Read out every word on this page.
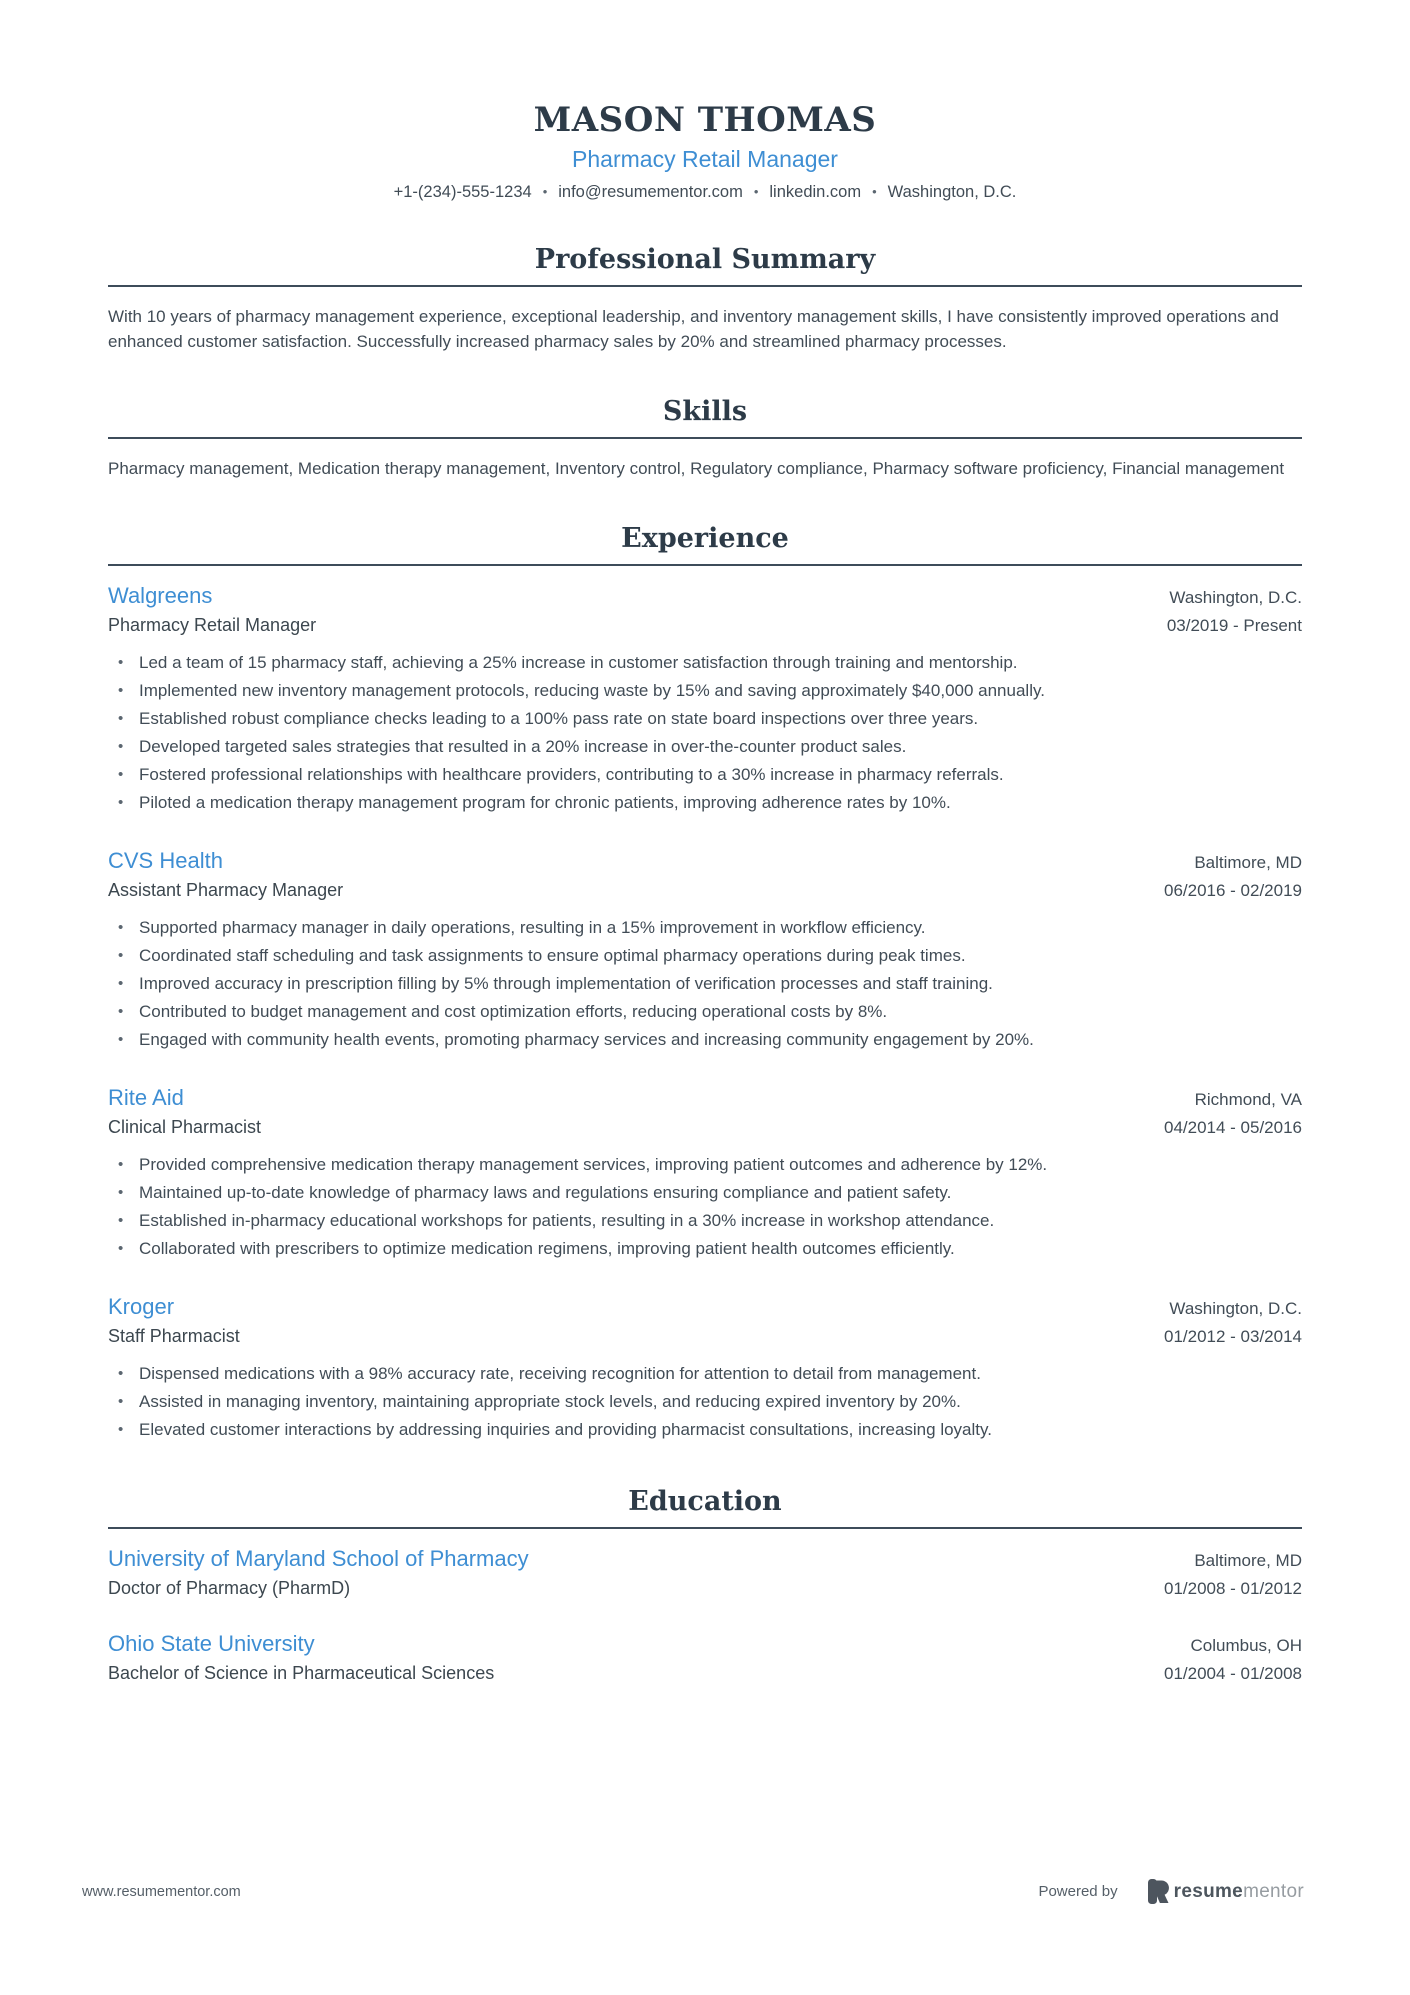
MASON THOMAS
Pharmacy Retail Manager
+1-(234)-555-1234 • info@resumementor.com • linkedin.com • Washington, D.C.
Professional Summary

With 10 years of pharmacy management experience, exceptional leadership, and inventory management skills, I have consistently improved operations and enhanced customer satisfaction. Successfully increased pharmacy sales by 20% and streamlined pharmacy processes.

Skills

Pharmacy management, Medication therapy management, Inventory control, Regulatory compliance, Pharmacy software proficiency, Financial management

Experience
Walgreens	Washington, D.C.
Pharmacy Retail Manager	03/2019 - Present
• Led a team of 15 pharmacy staff, achieving a 25% increase in customer satisfaction through training and mentorship.
• Implemented new inventory management protocols, reducing waste by 15% and saving approximately $40,000 annually.
• Established robust compliance checks leading to a 100% pass rate on state board inspections over three years.
• Developed targeted sales strategies that resulted in a 20% increase in over-the-counter product sales.
• Fostered professional relationships with healthcare providers, contributing to a 30% increase in pharmacy referrals.
• Piloted a medication therapy management program for chronic patients, improving adherence rates by 10%.
CVS Health	Baltimore, MD
Assistant Pharmacy Manager	06/2016 - 02/2019
• Supported pharmacy manager in daily operations, resulting in a 15% improvement in workflow efficiency.
• Coordinated staff scheduling and task assignments to ensure optimal pharmacy operations during peak times.
• Improved accuracy in prescription filling by 5% through implementation of verification processes and staff training.
• Contributed to budget management and cost optimization efforts, reducing operational costs by 8%.
• Engaged with community health events, promoting pharmacy services and increasing community engagement by 20%.
Rite Aid	Richmond, VA
Clinical Pharmacist	04/2014 - 05/2016
• Provided comprehensive medication therapy management services, improving patient outcomes and adherence by 12%.
• Maintained up-to-date knowledge of pharmacy laws and regulations ensuring compliance and patient safety.
• Established in-pharmacy educational workshops for patients, resulting in a 30% increase in workshop attendance.
• Collaborated with prescribers to optimize medication regimens, improving patient health outcomes efficiently.
Kroger	Washington, D.C.
Staff Pharmacist	01/2012 - 03/2014
• Dispensed medications with a 98% accuracy rate, receiving recognition for attention to detail from management.
• Assisted in managing inventory, maintaining appropriate stock levels, and reducing expired inventory by 20%.
• Elevated customer interactions by addressing inquiries and providing pharmacist consultations, increasing loyalty.
Education
University of Maryland School of Pharmacy	Baltimore, MD
Doctor of Pharmacy (PharmD)	01/2008 - 01/2012
Ohio State University	Columbus, OH
Bachelor of Science in Pharmaceutical Sciences	01/2004 - 01/2008
www.resumementor.com	Powered by	resumementor
